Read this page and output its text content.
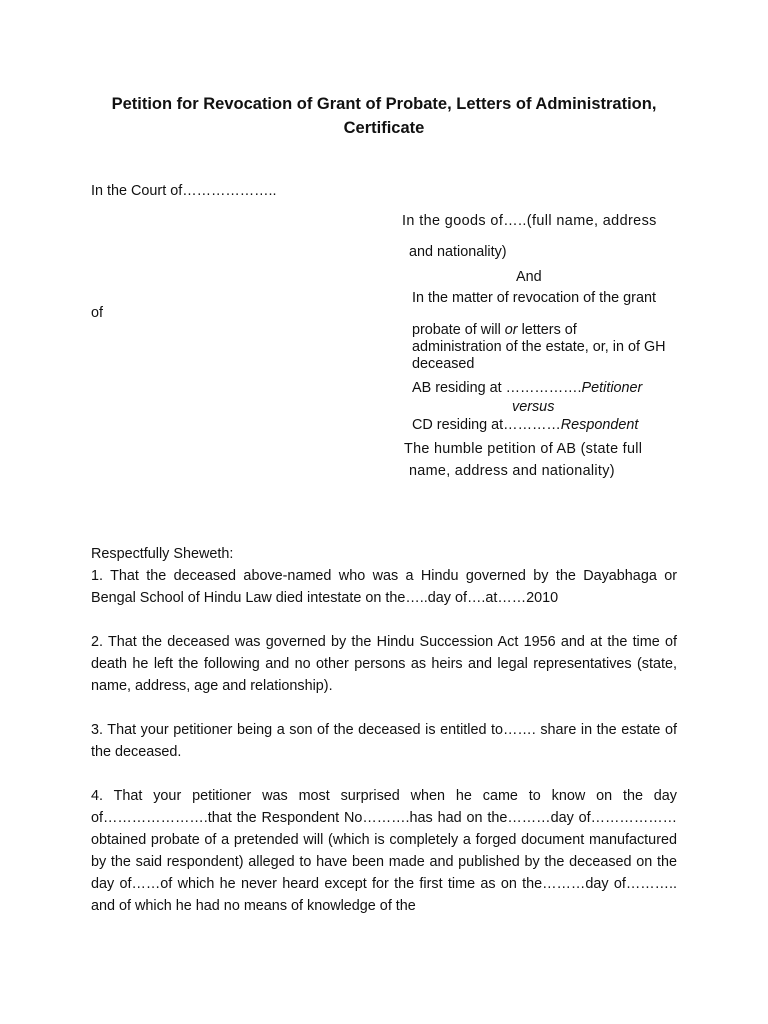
Petition for Revocation of Grant of Probate, Letters of Administration,
Certificate
In the Court of………………..
of
In the goods of…..(full name, address
and nationality)
And
In the matter of revocation of the grant
probate of will or letters of
administration of the estate, or, in of GH
deceased
AB residing at …………….Petitioner
versus
CD residing at…………Respondent
The humble petition of AB (state full
name, address and nationality)
Respectfully Sheweth:
1. That the deceased above-named who was a Hindu governed by the Dayabhaga or Bengal School of Hindu Law died intestate on the…..day of….at……2010
2. That the deceased was governed by the Hindu Succession Act 1956 and at the time of death he left the following and no other persons as heirs and legal representatives (state, name, address, age and relationship).
3. That your petitioner being a son of the deceased is entitled to……. share in the estate of the deceased.
4. That your petitioner was most surprised when he came to know on the day of………………….that the Respondent No……….has had on the………day of………………obtained probate of a pretended will (which is completely a forged document manufactured by the said respondent) alleged to have been made and published by the deceased on the day of……of which he never heard except for the first time as on the………day of……….. and of which he had no means of knowledge of the
